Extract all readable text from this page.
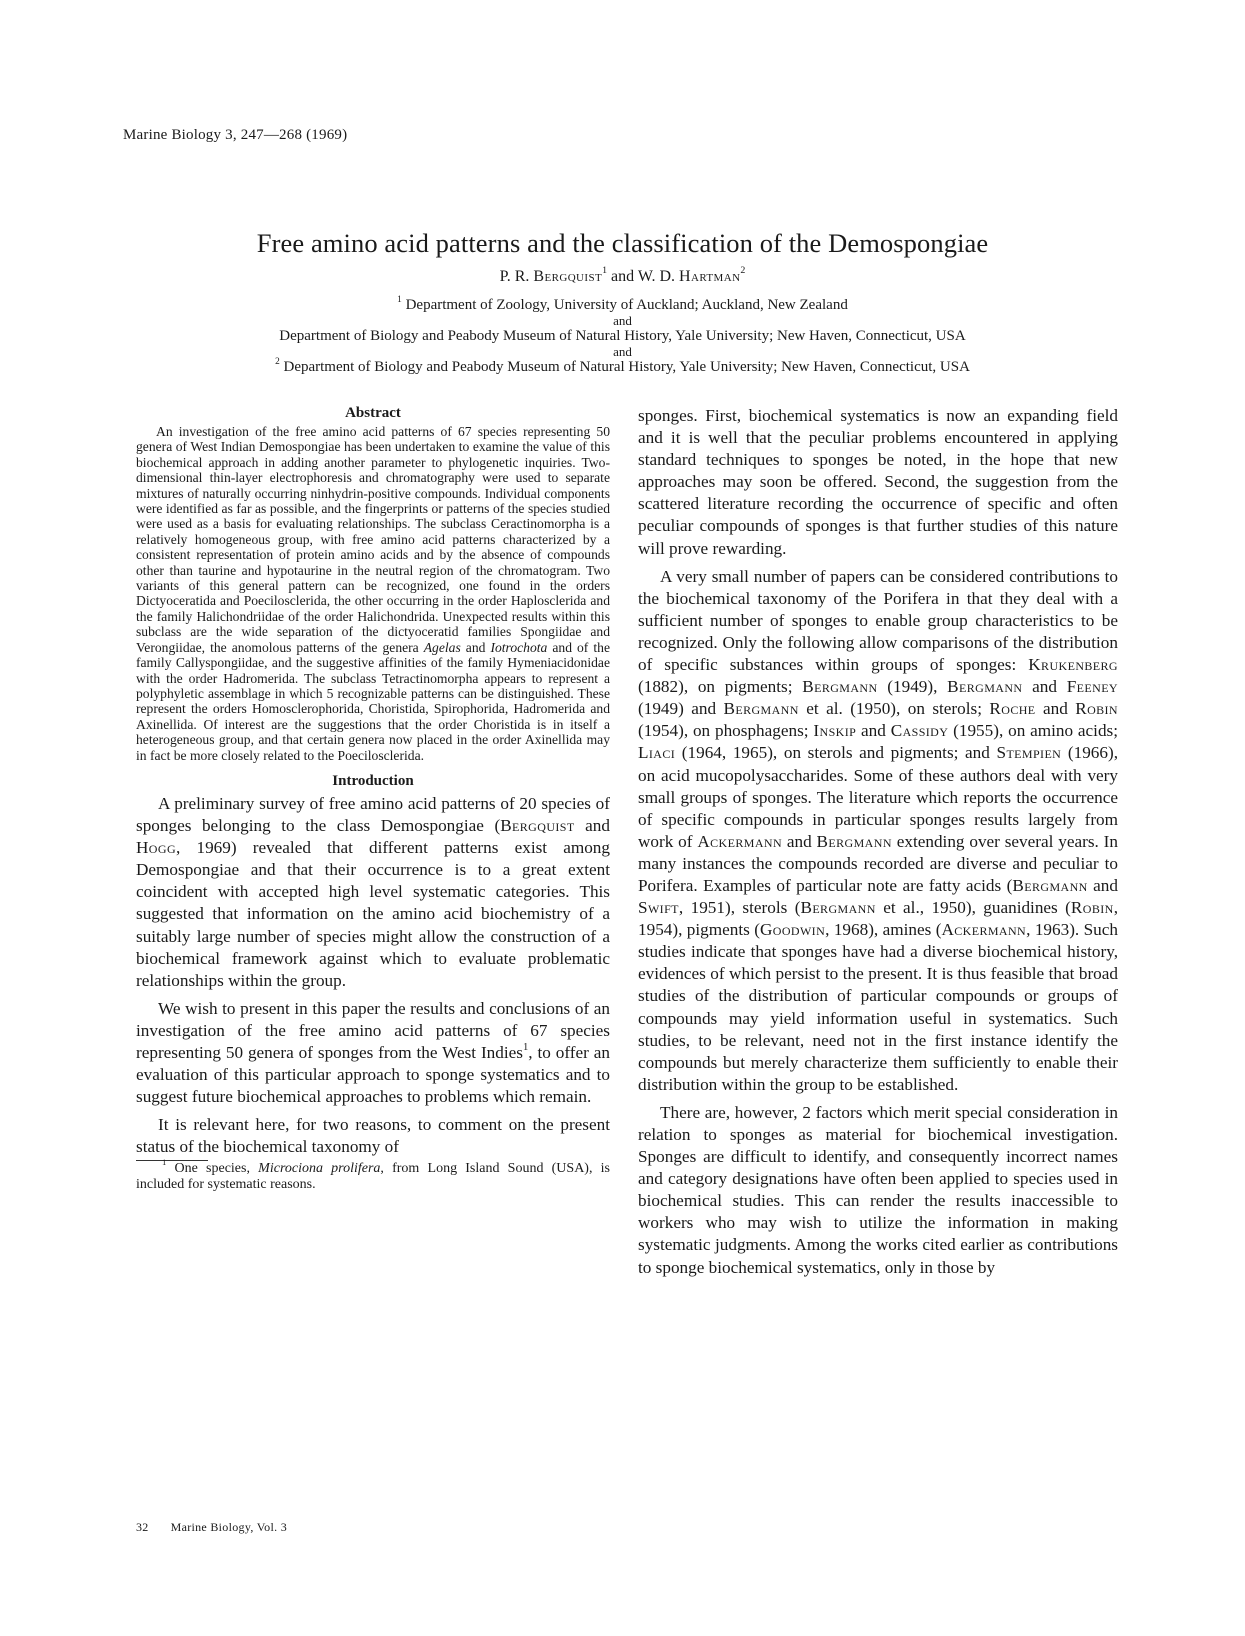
Marine Biology 3, 247—268 (1969)
Free amino acid patterns and the classification of the Demospongiae
P. R. Bergquist$^1$ and W. D. Hartman$^2$
$^1$ Department of Zoology, University of Auckland; Auckland, New Zealand
and
Department of Biology and Peabody Museum of Natural History, Yale University; New Haven, Connecticut, USA
and
$^2$ Department of Biology and Peabody Museum of Natural History, Yale University; New Haven, Connecticut, USA
Abstract

An investigation of the free amino acid patterns of 67 species representing 50 genera of West Indian Demospongiae has been undertaken to examine the value of this biochemical approach in adding another parameter to phylogenetic inquiries. Two-dimensional thin-layer electrophoresis and chromatography were used to separate mixtures of naturally occurring ninhydrin-positive compounds. Individual components were identified as far as possible, and the fingerprints or patterns of the species studied were used as a basis for evaluating relationships. The subclass Ceractinomorpha is a relatively homogeneous group, with free amino acid patterns characterized by a consistent representation of protein amino acids and by the absence of compounds other than taurine and hypotaurine in the neutral region of the chromatogram. Two variants of this general pattern can be recognized, one found in the orders Dictyoceratida and Poecilosclerida, the other occurring in the order Haplosclerida and the family Halichondriidae of the order Halichondrida. Unexpected results within this subclass are the wide separation of the dictyoceratid families Spongiidae and Verongiidae, the anomolous patterns of the genera Agelas and Iotrochota and of the family Callyspongiidae, and the suggestive affinities of the family Hymeniacidonidae with the order Hadromerida. The subclass Tetractinomorpha appears to represent a polyphyletic assemblage in which 5 recognizable patterns can be distinguished. These represent the orders Homosclerophorida, Choristida, Spirophorida, Hadromerida and Axinellida. Of interest are the suggestions that the order Choristida is in itself a heterogeneous group, and that certain genera now placed in the order Axinellida may in fact be more closely related to the Poecilosclerida.

Introduction

A preliminary survey of free amino acid patterns of 20 species of sponges belonging to the class Demospongiae (Bergquist and Hogg, 1969) revealed that different patterns exist among Demospongiae and that their occurrence is to a great extent coincident with accepted high level systematic categories. This suggested that information on the amino acid biochemistry of a suitably large number of species might allow the construction of a biochemical framework against which to evaluate problematic relationships within the group.

We wish to present in this paper the results and conclusions of an investigation of the free amino acid patterns of 67 species representing 50 genera of sponges from the West Indies$^1$, to offer an evaluation of this particular approach to sponge systematics and to suggest future biochemical approaches to problems which remain.

It is relevant here, for two reasons, to comment on the present status of the biochemical taxonomy of

$^1$ One species, Microciona prolifera, from Long Island Sound (USA), is included for systematic reasons.

sponges. First, biochemical systematics is now an expanding field and it is well that the peculiar problems encountered in applying standard techniques to sponges be noted, in the hope that new approaches may soon be offered. Second, the suggestion from the scattered literature recording the occurrence of specific and often peculiar compounds of sponges is that further studies of this nature will prove rewarding.

A very small number of papers can be considered contributions to the biochemical taxonomy of the Porifera in that they deal with a sufficient number of sponges to enable group characteristics to be recognized. Only the following allow comparisons of the distribution of specific substances within groups of sponges: Krukenberg (1882), on pigments; Bergmann (1949), Bergmann and Feeney (1949) and Bergmann et al. (1950), on sterols; Roche and Robin (1954), on phosphagens; Inskip and Cassidy (1955), on amino acids; Liaci (1964, 1965), on sterols and pigments; and Stempien (1966), on acid mucopolysaccharides. Some of these authors deal with very small groups of sponges. The literature which reports the occurrence of specific compounds in particular sponges results largely from work of Ackermann and Bergmann extending over several years. In many instances the compounds recorded are diverse and peculiar to Porifera. Examples of particular note are fatty acids (Bergmann and Swift, 1951), sterols (Bergmann et al., 1950), guanidines (Robin, 1954), pigments (Goodwin, 1968), amines (Ackermann, 1963). Such studies indicate that sponges have had a diverse biochemical history, evidences of which persist to the present. It is thus feasible that broad studies of the distribution of particular compounds or groups of compounds may yield information useful in systematics. Such studies, to be relevant, need not in the first instance identify the compounds but merely characterize them sufficiently to enable their distribution within the group to be established.

There are, however, 2 factors which merit special consideration in relation to sponges as material for biochemical investigation. Sponges are difficult to identify, and consequently incorrect names and category designations have often been applied to species used in biochemical studies. This can render the results inaccessible to workers who may wish to utilize the information in making systematic judgments. Among the works cited earlier as contributions to sponge biochemical systematics, only in those by

32 Marine Biology, Vol. 3
